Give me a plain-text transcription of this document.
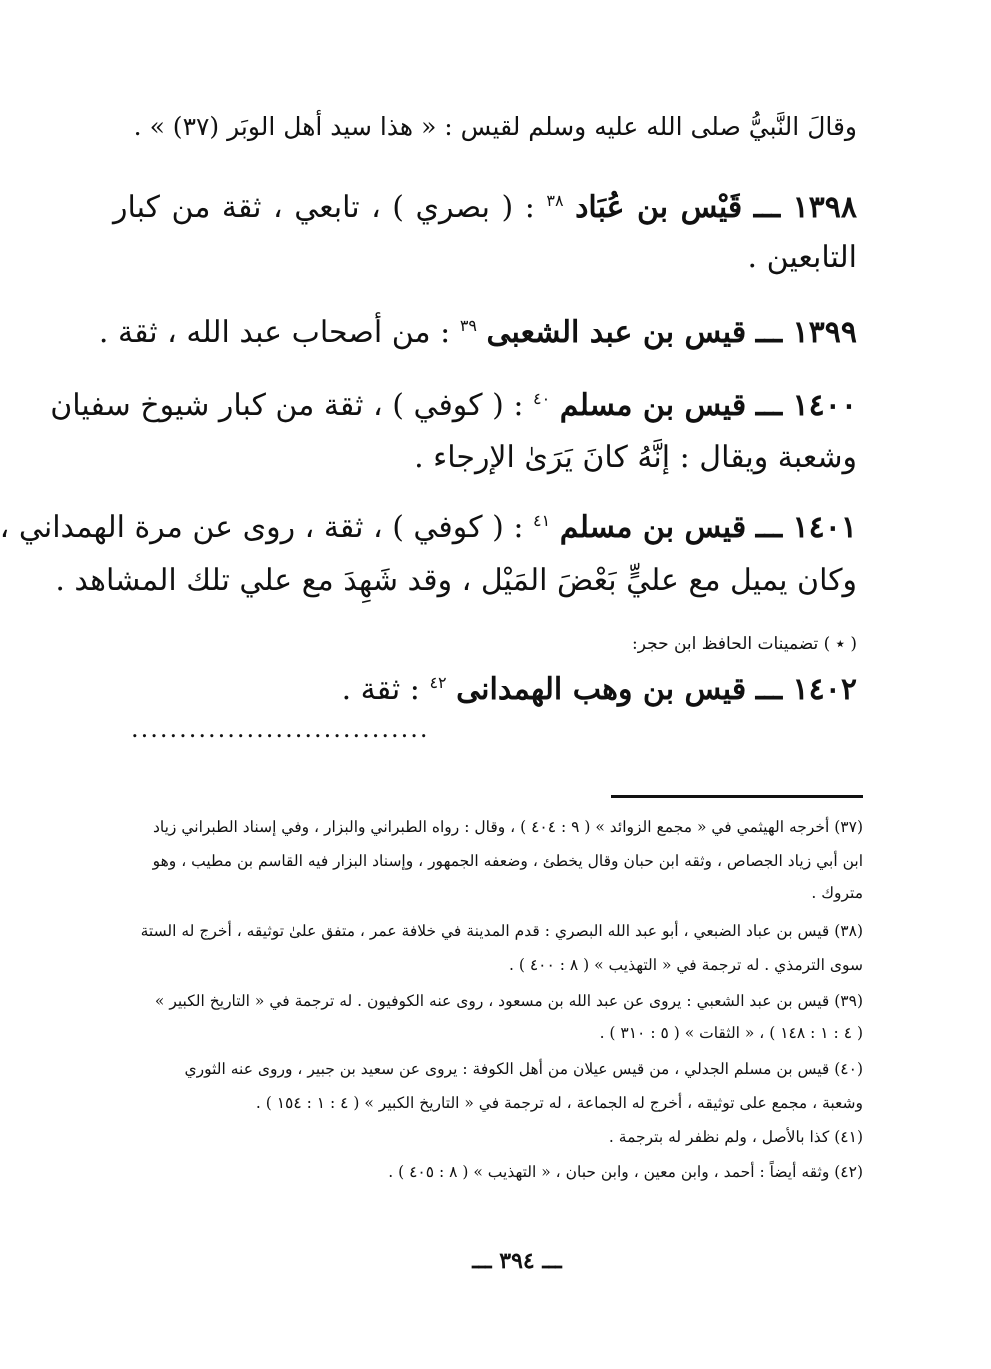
وقالَ النَّبيُّ صلى الله عليه وسلم لقيس : « هذا سيد أهل الوبَر (٣٧) » .
١٣٩٨ ـــ قَيْس بن عُبَاد $^{٣٨}$ : ( بصري ) ، تابعي ، ثقة من كبار
التابعين .
١٣٩٩ ـــ قيس بن عبد الشعبى $^{٣٩}$ : من أصحاب عبد الله ، ثقة .
١٤٠٠ ـــ قيس بن مسلم $^{٤٠}$ : ( كوفي ) ، ثقة من كبار شيوخ سفيان
وشعبة ويقال : إنَّهُ كانَ يَرَىٰ الإرجاء .
١٤٠١ ـــ قيس بن مسلم $^{٤١}$ : ( كوفي ) ، ثقة ، روى عن مرة الهمداني ،
وكان يميل مع عليٍّ بَعْضَ المَيْل ، وقد شَهِدَ مع علي تلك المشاهد .
( ٭ ) تضمينات الحافظ ابن حجر:
١٤٠٢ ـــ قيس بن وهب الهمدانى $^{٤٢}$ : ثقة .
...............................
(٣٧) أخرجه الهيثمي في « مجمع الزوائد » ( ٩ : ٤٠٤ ) ، وقال : رواه الطبراني والبزار ، وفي إسناد الطبراني زياد
ابن أبي زياد الجصاص ، وثقه ابن حبان وقال يخطئ ، وضعفه الجمهور ، وإسناد البزار فيه القاسم بن مطيب ، وهو
متروك .
(٣٨) قيس بن عباد الضبعي ، أبو عبد الله البصري : قدم المدينة في خلافة عمر ، متفق علىٰ توثيقه ، أخرج له الستة
سوى الترمذي . له ترجمة في « التهذيب » ( ٨ : ٤٠٠ ) .
(٣٩) قيس بن عبد الشعبي : يروى عن عبد الله بن مسعود ، روى عنه الكوفيون . له ترجمة في « التاريخ الكبير »
( ٤ : ١ : ١٤٨ ) ، « الثقات » ( ٥ : ٣١٠ ) .
(٤٠) قيس بن مسلم الجدلي ، من قيس عيلان من أهل الكوفة : يروى عن سعيد بن جبير ، وروى عنه الثوري
وشعبة ، مجمع على توثيقه ، أخرج له الجماعة ، له ترجمة في « التاريخ الكبير » ( ٤ : ١ : ١٥٤ ) .
(٤١) كذا بالأصل ، ولم نظفر له بترجمة .
(٤٢) وثقه أيضاً : أحمد ، وابن معين ، وابن حبان ، « التهذيب » ( ٨ : ٤٠٥ ) .
ـــ ٣٩٤ ـــ
